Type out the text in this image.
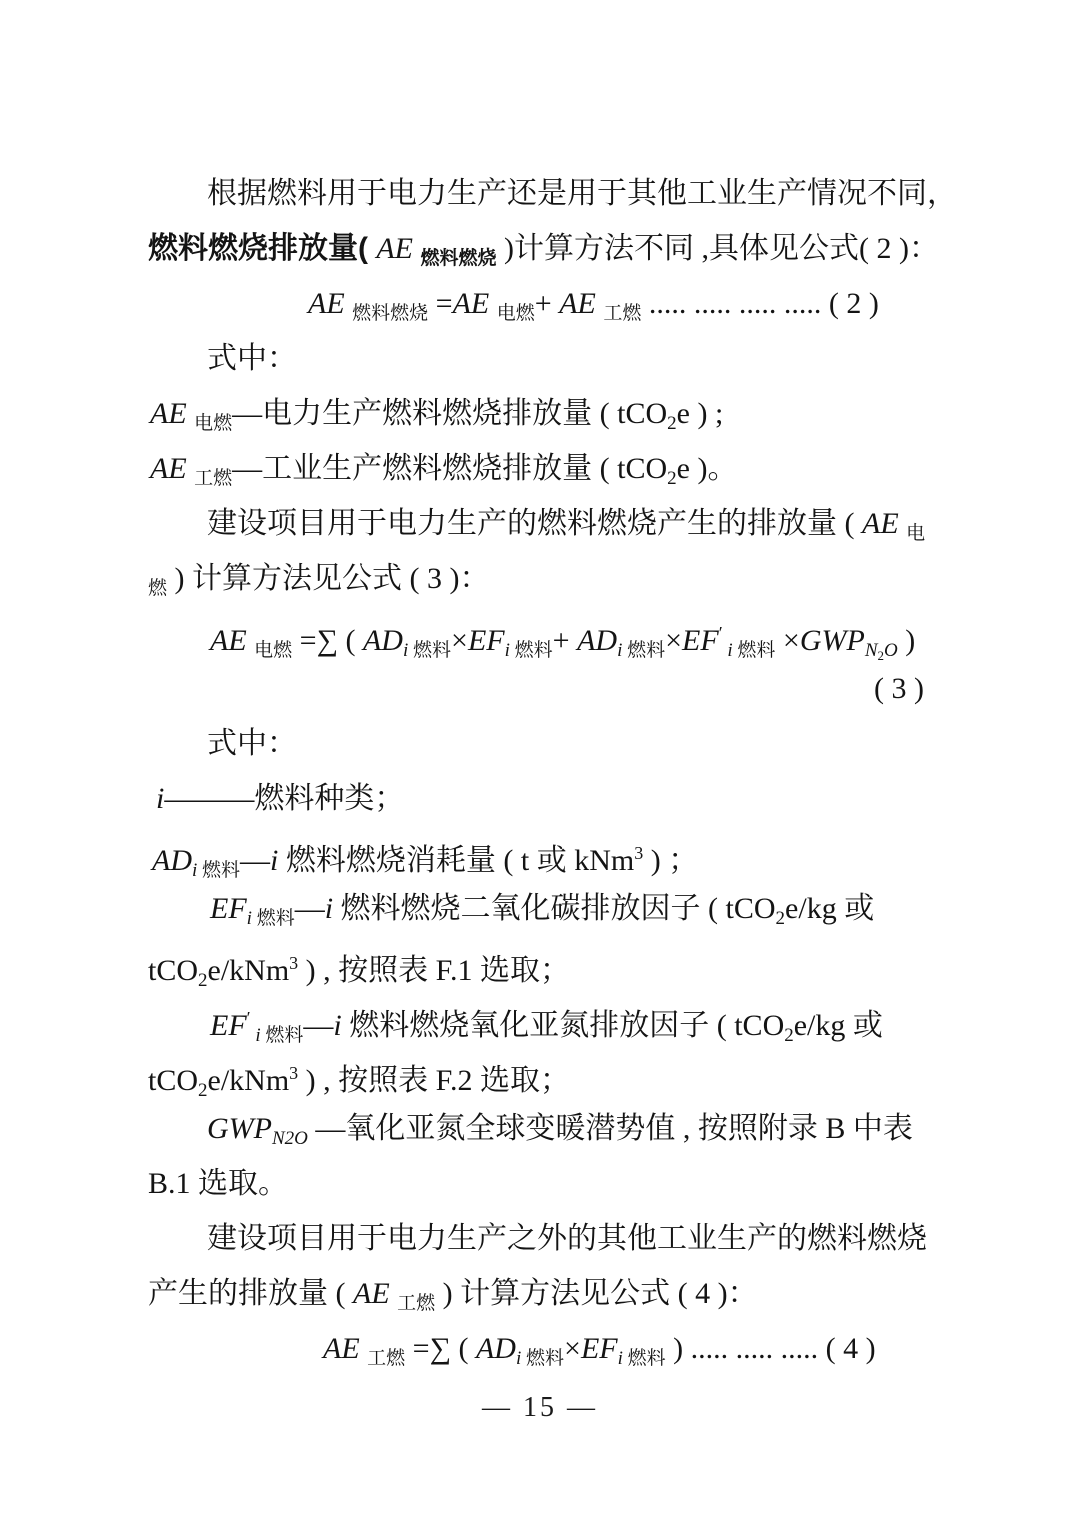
根据燃料用于电力生产还是用于其他工业生产情况不同，
燃料燃烧排放量( AE $_{燃料燃烧}$ )计算方法不同 ,具体见公式( 2 )：
AE $_{燃料燃烧}$ =AE $_{电燃}$+ AE $_{工燃}$ ..... ..... ..... ..... ( 2 )
式中：
AE $_{电燃}$—电力生产燃料燃烧排放量 ( tCO$_2$e ) ;
AE $_{工燃}$—工业生产燃料燃烧排放量 ( tCO$_2$e )。
建设项目用于电力生产的燃料燃烧产生的排放量 ( AE $_电$
$_燃$ ) 计算方法见公式 ( 3 )：
AE $_{电燃}$ =∑ ( $AD_i$ $_{燃料}\times EF_i$ $_{燃料}+ AD_i$ $_{燃料}$×EF′ $_i$ $_{燃料} \times GWP_{N2O}$ )
( 3 )
式中：
i———燃料种类；
$AD_i$ $_{燃料}$—i 燃料燃烧消耗量 ( t 或 kNm$^3$ ) ；
$EF_i$ $_{燃料}$—i 燃料燃烧二氧化碳排放因子 ( tCO$_2$e/kg 或
tCO$_2$e/kNm$^3$ ) , 按照表 F.1 选取；
EF′ $_i$ $_{燃料}$—i 燃料燃烧氧化亚氮排放因子 ( tCO$_2$e/kg 或
tCO$_2$e/kNm$^3$ ) , 按照表 F.2 选取；
$GWP_{N2O}$ —氧化亚氮全球变暖潜势值 , 按照附录 B 中表
B.1 选取。
建设项目用于电力生产之外的其他工业生产的燃料燃烧
产生的排放量 ( AE $_{工燃}$ ) 计算方法见公式 ( 4 )：
AE $_{工燃}$ =∑ ( $AD_i$ $_{燃料}\times EF_i$ $_{燃料}$ ) ..... ..... ..... ( 4 )
— 15 —
